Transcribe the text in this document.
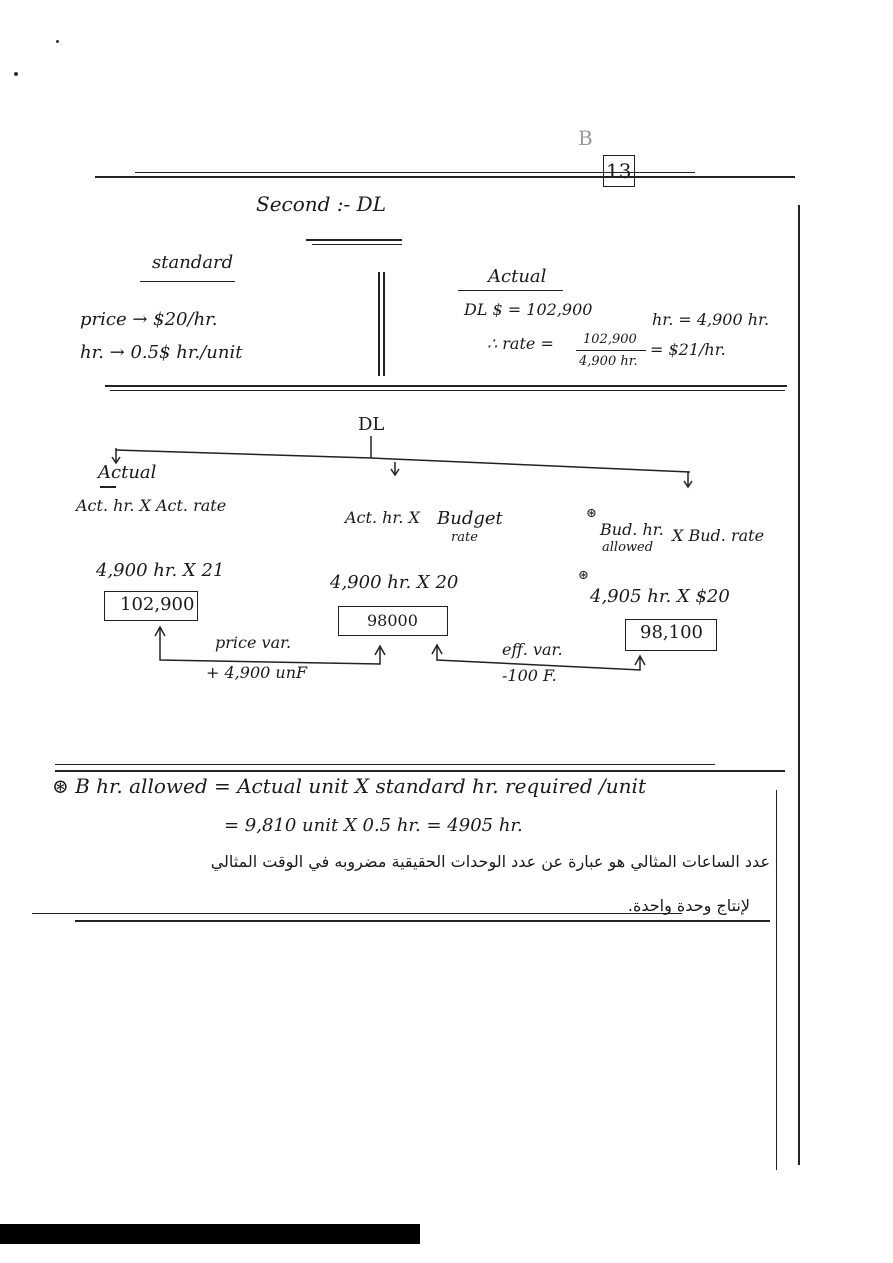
B
13
Second :- DL
standard
pricе → $20/hr.
hr. → 0.5$ hr./unit
Actual
DL $ = 102,900
hr. = 4,900 hr.
∴ rate = 102,900
4,900 hr.
= $21/hr.
DL
Actual
Act. hr. X Act. rate
4,900 hr. X 21
102,900
Act. hr. X Budget
rate
4,900 hr. X 20
98000
⊛
Bud. hr.
allowed
X Bud. rate
⊛
4,905 hr. X $20
98,100
price var.
+ 4,900 unF
eff. var.
-100 F.
⊛ B hr. allowed = Actual unit X standard hr. required /unit
= 9,810 unit X 0.5 hr. = 4905 hr.
عدد الساعات المثالي هو عبارة عن عدد الوحدات الحقيقية مضروبه في الوقت المثالي
لإنتاج وحدة واحدة.
